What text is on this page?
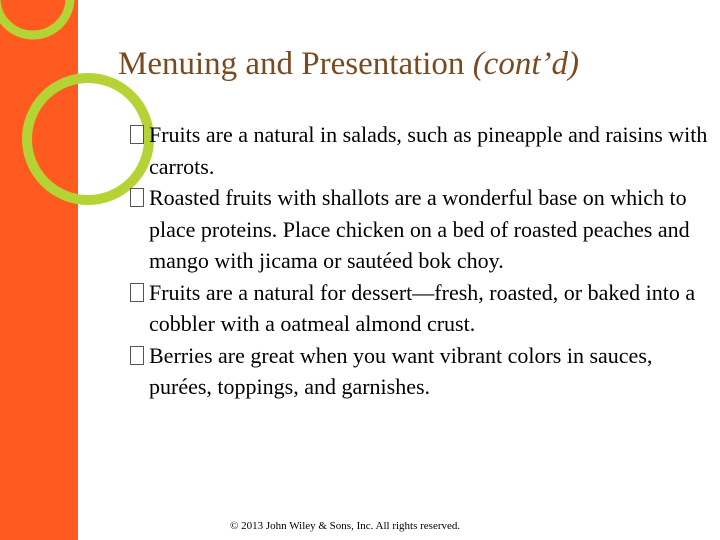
Menuing and Presentation (cont’d)
Fruits are a natural in salads, such as pineapple and raisins with carrots.
Roasted fruits with shallots are a wonderful base on which to place proteins. Place chicken on a bed of roasted peaches and mango with jicama or sautéed bok choy.
Fruits are a natural for dessert—fresh, roasted, or baked into a cobbler with a oatmeal almond crust.
Berries are great when you want vibrant colors in sauces, purées, toppings, and garnishes.
© 2013 John Wiley & Sons, Inc. All rights reserved.
